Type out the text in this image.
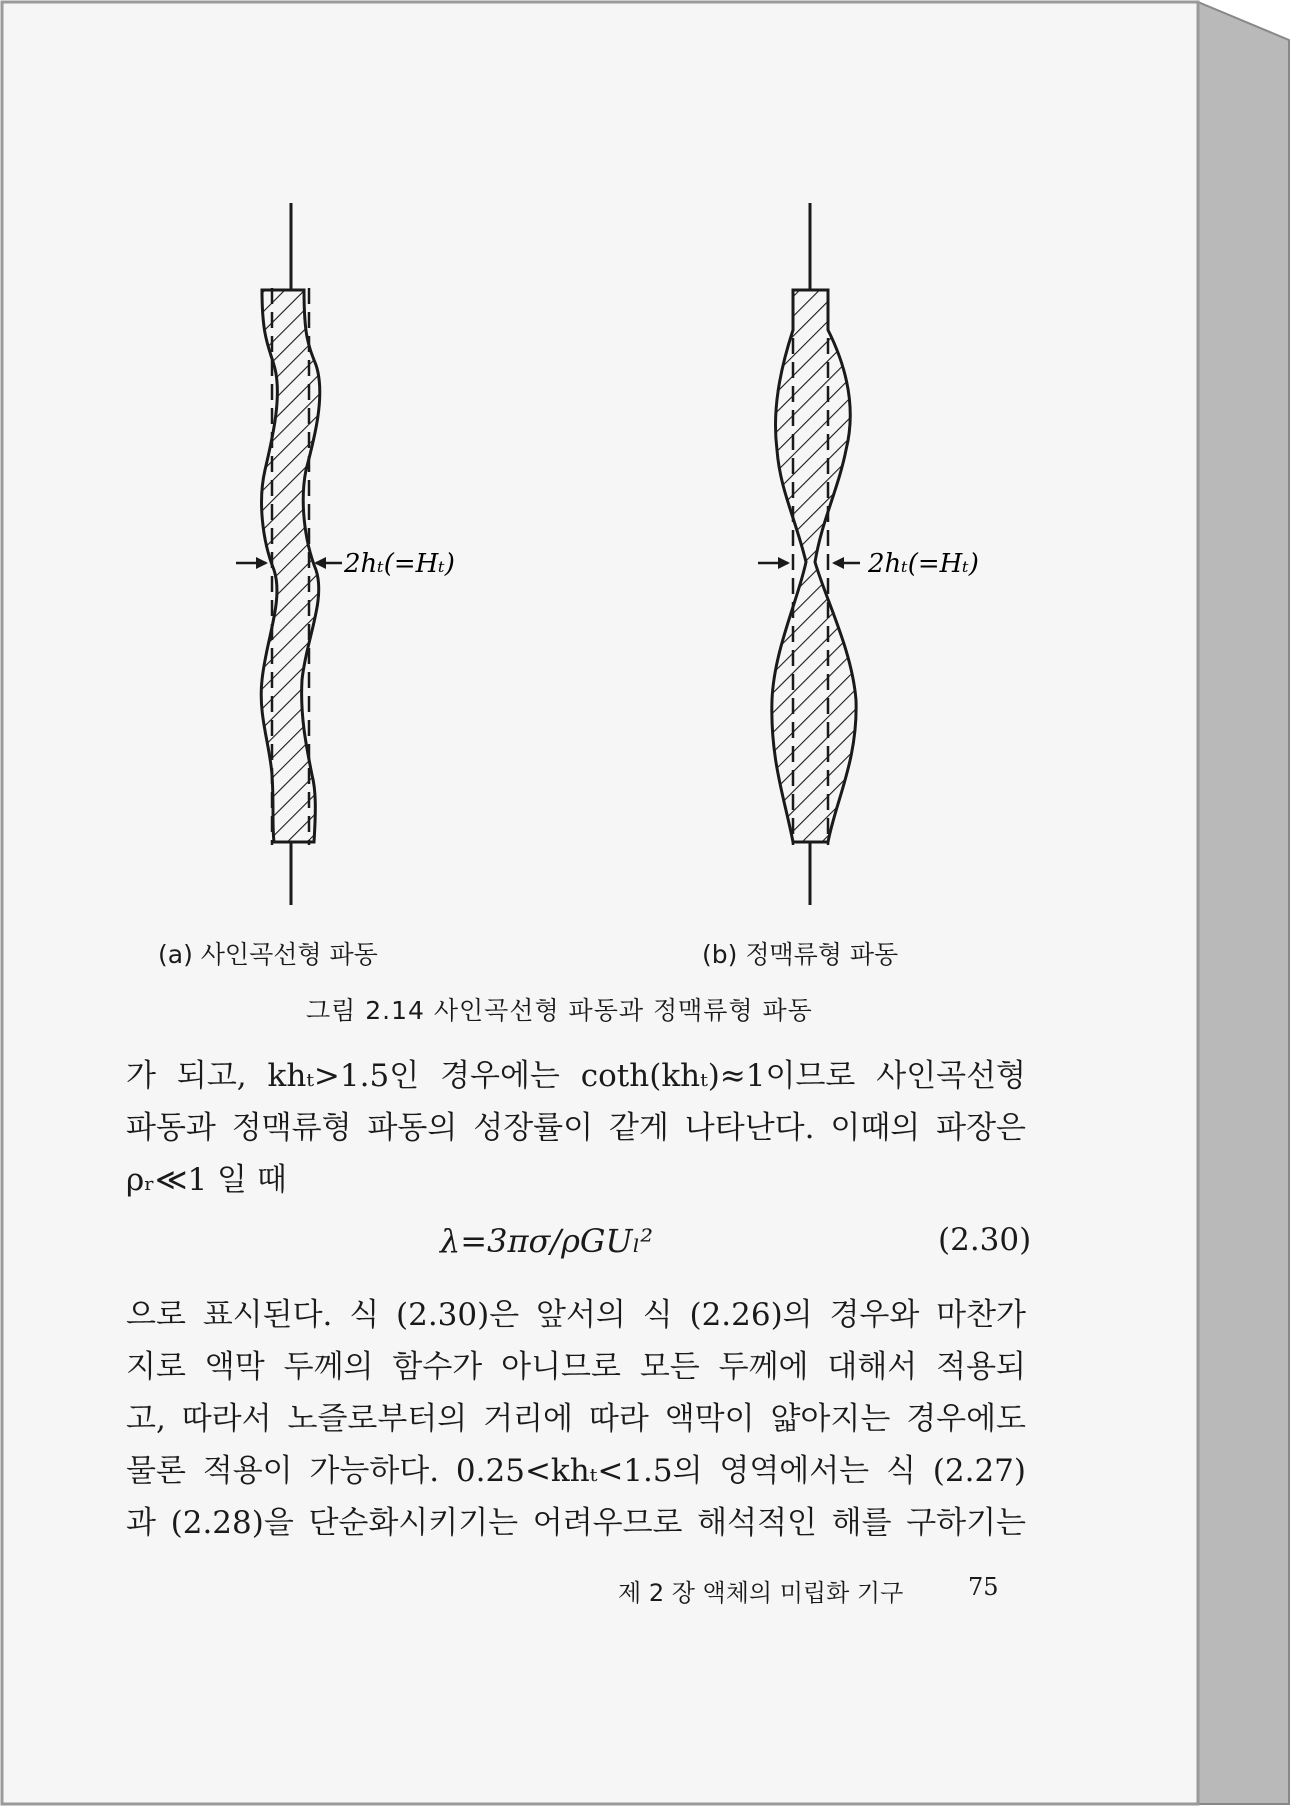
2hₜ(=Hₜ)	2hₜ(=Hₜ)
(a) 사인곡선형 파동	(b) 정맥류형 파동
그림 2.14 사인곡선형 파동과 정맥류형 파동

가 되고, khₜ>1.5인 경우에는 coth(khₜ)≈1이므로 사인곡선형
파동과 정맥류형 파동의 성장률이 같게 나타난다. 이때의 파장은
ρᵣ≪1 일 때

λ=3πσ/ρGUₗ²	(2.30)

으로 표시된다. 식 (2.30)은 앞서의 식 (2.26)의 경우와 마찬가
지로 액막 두께의 함수가 아니므로 모든 두께에 대해서 적용되
고, 따라서 노즐로부터의 거리에 따라 액막이 얇아지는 경우에도
물론 적용이 가능하다. 0.25<khₜ<1.5의 영역에서는 식 (2.27)
과 (2.28)을 단순화시키기는 어려우므로 해석적인 해를 구하기는

제 2 장 액체의 미립화 기구	75
